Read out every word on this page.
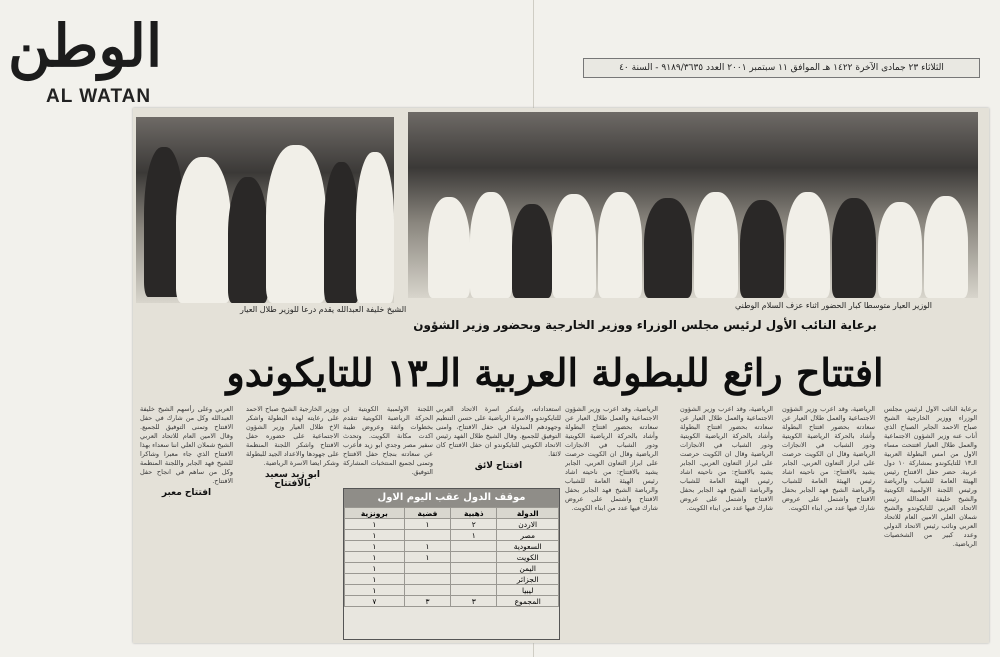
الوطن
AL WATAN
الثلاثاء ٢٣ جمادى الآخرة ١٤٢٢ هـ الموافق ١١ سبتمبر ٢٠٠١ العدد ٩١٨٩/٣٦٣٥ - السنة ٤٠
الشيخ خليفة العبدالله يقدم درعا للوزير طلال العيار	الوزير العيار متوسطا كبار الحضور اثناء عزف السلام الوطني
برعاية النائب الأول لرئيس مجلس الوزراء ووزير الخارجية وبحضور وزير الشؤون
افتتاح رائع للبطولة العربية الـ١٣ للتايكوندو
برعاية النائب الاول لرئيس مجلس الوزراء ووزير الخارجية الشيخ صباح الاحمد الجابر الصباح الذي أناب عنه وزير الشؤون الاجتماعية والعمل طلال العيار افتتحت مساء الاول من امس البطولة العربية الـ١٣ للتايكوندو بمشاركة ١٠ دول عربية. حضر حفل الافتتاح رئيس الهيئة العامة للشباب والرياضة ورئيس اللجنة الاولمبية الكويتية والشيخ خليفة العبدالله رئيس الاتحاد العربي للتايكوندو والشيخ شملان العلي الامين العام للاتحاد العربي ونائب رئيس الاتحاد الدولي وعدد كبير من الشخصيات الرياضية.
الرياضية، وقد اعرب وزير الشؤون الاجتماعية والعمل طلال العيار عن سعادته بحضور افتتاح البطولة وأشاد بالحركة الرياضية الكويتية ودور الشباب في الانجازات الرياضية وقال ان الكويت حرصت على ابراز التعاون العربي. الجابر يشيد بالافتتاح: من ناحيته اشاد رئيس الهيئة العامة للشباب والرياضة الشيخ فهد الجابر بحفل الافتتاح واشتمل على عروض شارك فيها عدد من ابناء الكويت.
الرياضية، وقد اعرب وزير الشؤون الاجتماعية والعمل طلال العيار عن سعادته بحضور افتتاح البطولة وأشاد بالحركة الرياضية الكويتية ودور الشباب في الانجازات الرياضية وقال ان الكويت حرصت على ابراز التعاون العربي. الجابر يشيد بالافتتاح: من ناحيته اشاد رئيس الهيئة العامة للشباب والرياضة الشيخ فهد الجابر بحفل الافتتاح واشتمل على عروض شارك فيها عدد من ابناء الكويت.
الرياضية، وقد اعرب وزير الشؤون الاجتماعية والعمل طلال العيار عن سعادته بحضور افتتاح البطولة وأشاد بالحركة الرياضية الكويتية ودور الشباب في الانجازات الرياضية وقال ان الكويت حرصت على ابراز التعاون العربي. الجابر يشيد بالافتتاح: من ناحيته اشاد رئيس الهيئة العامة للشباب والرياضة الشيخ فهد الجابر بحفل الافتتاح واشتمل على عروض شارك فيها عدد من ابناء الكويت.
استعداداته، واشكر اسرة الاتحاد العربي للتايكوندو والاسرة الرياضية على حسن التنظيم وجهودهم المبذولة في حفل الافتتاح، وامنى التوفيق للجميع. وقال الشيخ طلال الفهد رئيس الاتحاد الكويتي للتايكوندو ان حفل الافتتاح كان لائقا.
افتتاح لائق
اللجنة الاولمبية الكويتية ان الحركة الرياضية الكويتية تتقدم بخطوات واثقة وعروض طيبة اكدت مكانة الكويت. وتحدث سفير مصر وجدي ابو زيد فأعرب عن سعادته بنجاح حفل الافتتاح وتمنى لجميع المنتخبات المشاركة التوفيق.
ووزير الخارجية الشيخ صباح الاحمد على رعايته لهذه البطولة واشكر الاخ طلال العيار وزير الشؤون الاجتماعية على حضوره حفل الافتتاح واشكر اللجنة المنظمة على جهودها والاعداد الجيد للبطولة وشكر ايضا الاسرة الرياضية.
ابو زيد سعيد بالافتتاح
العربي وعلى رأسهم الشيخ خليفة العبدالله وكل من شارك في حفل الافتتاح وتمنى التوفيق للجميع. وقال الامين العام للاتحاد العربي الشيخ شملان العلي اننا سعداء بهذا الافتتاح الذي جاء معبرا وشاكرا للشيخ فهد الجابر واللجنة المنظمة وكل من ساهم في انجاح حفل الافتتاح.
افتتاح معبر	موقف الدول عقب اليوم الاول
الدولة	ذهبية	فضية	برونزية
الاردن	٢	١	١
مصر	١		١
السعودية		١	١
الكويت		١	١
اليمن			١
الجزائر			١
ليبيا			١
المجموع	٣	٣	٧
